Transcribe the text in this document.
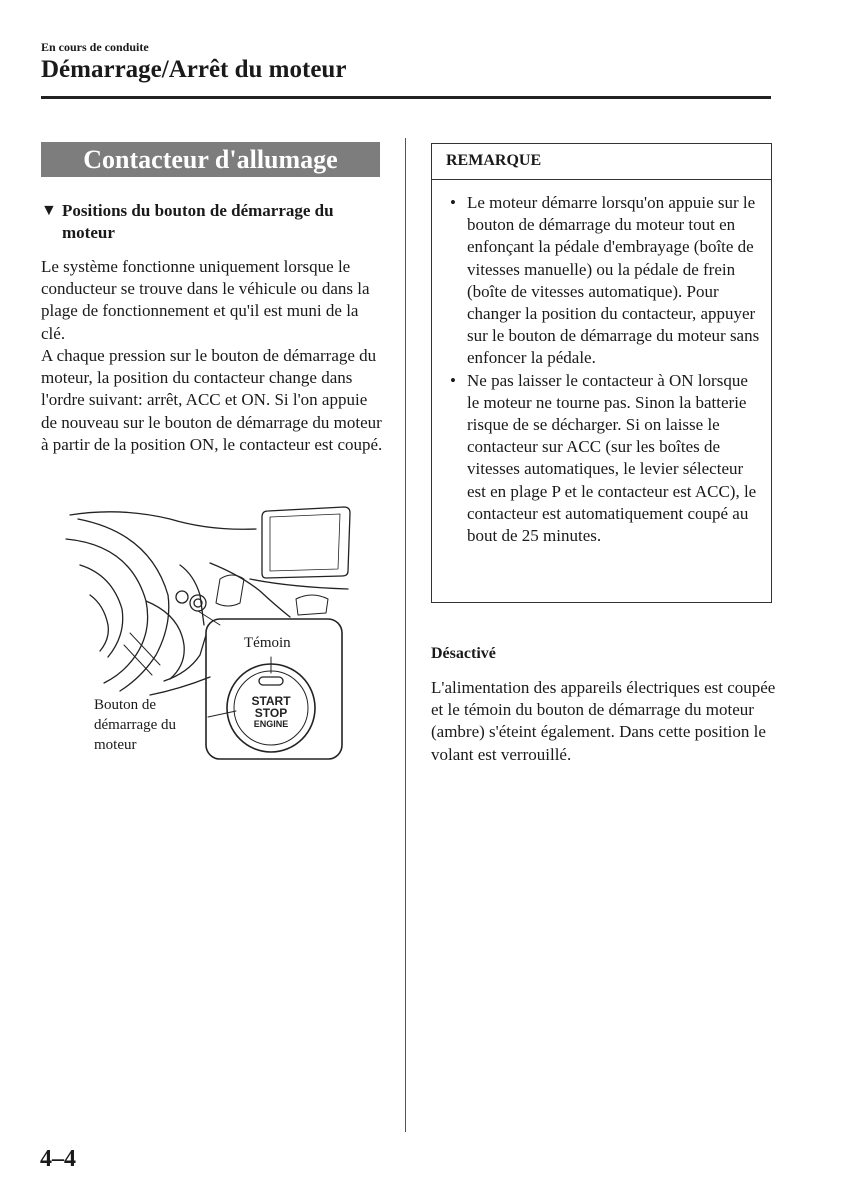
En cours de conduite
Démarrage/Arrêt du moteur
Contacteur d'allumage
▼ Positions du bouton de démarrage du moteur

Le système fonctionne uniquement lorsque le conducteur se trouve dans le véhicule ou dans la plage de fonctionnement et qu'il est muni de la clé.

A chaque pression sur le bouton de démarrage du moteur, la position du contacteur change dans l'ordre suivant: arrêt, ACC et ON. Si l'on appuie de nouveau sur le bouton de démarrage du moteur à partir de la position ON, le contacteur est coupé.

START
STOP
ENGINE
Témoin
Bouton de démarrage du moteur
REMARQUE
• Le moteur démarre lorsqu'on appuie sur le bouton de démarrage du moteur tout en enfonçant la pédale d'embrayage (boîte de vitesses manuelle) ou la pédale de frein (boîte de vitesses automatique). Pour changer la position du contacteur, appuyer sur le bouton de démarrage du moteur sans enfoncer la pédale.
• Ne pas laisser le contacteur à ON lorsque le moteur ne tourne pas. Sinon la batterie risque de se décharger. Si on laisse le contacteur sur ACC (sur les boîtes de vitesses automatiques, le levier sélecteur est en plage P et le contacteur est ACC), le contacteur est automatiquement coupé au bout de 25 minutes.
Désactivé

L'alimentation des appareils électriques est coupée et le témoin du bouton de démarrage du moteur (ambre) s'éteint également. Dans cette position le volant est verrouillé.

4–4
